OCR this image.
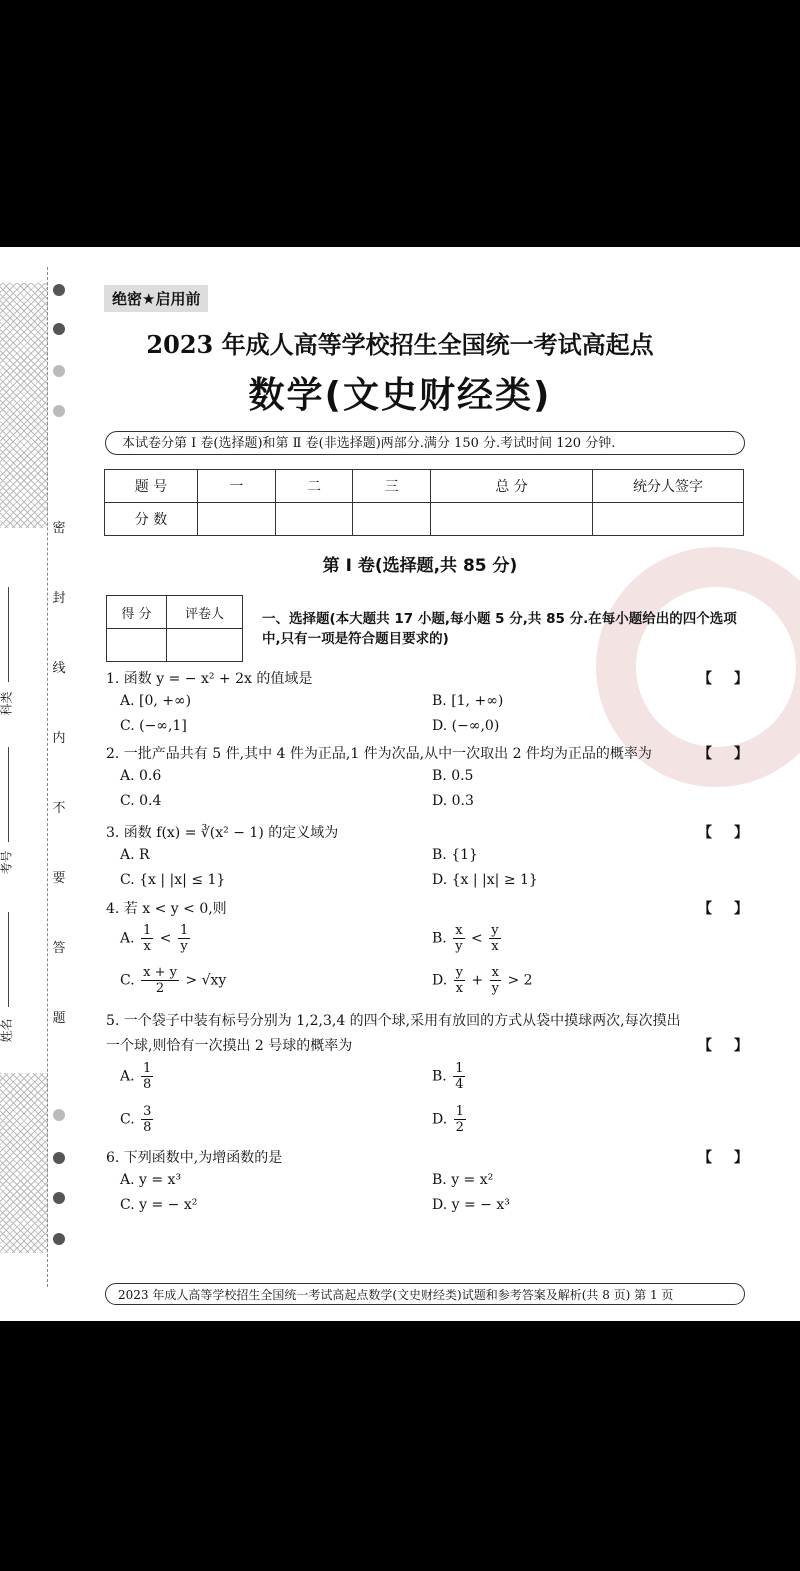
密
封
线
内
不
要
答
题
科类
考号
姓名
绝密★启用前
2023 年成人高等学校招生全国统一考试高起点
数学(文史财经类)
本试卷分第 Ⅰ 卷(选择题)和第 Ⅱ 卷(非选择题)两部分.满分 150 分.考试时间 120 分钟.
题 号	一	二	三	总 分	统分人签字
分 数					
第 Ⅰ 卷(选择题,共 85 分)
得 分	评卷人
		一、选择题(本大题共 17 小题,每小题 5 分,共 85 分.在每小题给出的四个选项中,只有一项是符合题目要求的)
1. 函数 y = − x² + 2x 的值域是	【】
A. [0, +∞)	B. [1, +∞)
C. (−∞,1]	D. (−∞,0)
2. 一批产品共有 5 件,其中 4 件为正品,1 件为次品,从中一次取出 2 件均为正品的概率为	【】
A. 0.6	B. 0.5
C. 0.4	D. 0.3
3. 函数 f(x) = ∛(x² − 1) 的定义域为	【】
A. R	B. {1}
C. {x | |x| ≤ 1}	D. {x | |x| ≥ 1}
4. 若 x < y < 0,则	【】
A. $\frac{1}{x} < \frac{1}{y}$	B. $\frac{x}{y} < \frac{y}{x}$
C. $\frac{x + y}{2} > √xy$	D. $\frac{y}{x} + \frac{x}{y} > 2$
5. 一个袋子中装有标号分别为 1,2,3,4 的四个球,采用有放回的方式从袋中摸球两次,每次摸出
一个球,则恰有一次摸出 2 号球的概率为	【】
A. $\frac{1}{8}$	B. $\frac{1}{4}$
C. $\frac{3}{8}$	D. $\frac{1}{2}$
6. 下列函数中,为增函数的是	【】
A. y = x³	B. y = x²
C. y = − x²	D. y = − x³
2023 年成人高等学校招生全国统一考试高起点数学(文史财经类)试题和参考答案及解析(共 8 页) 第 1 页
